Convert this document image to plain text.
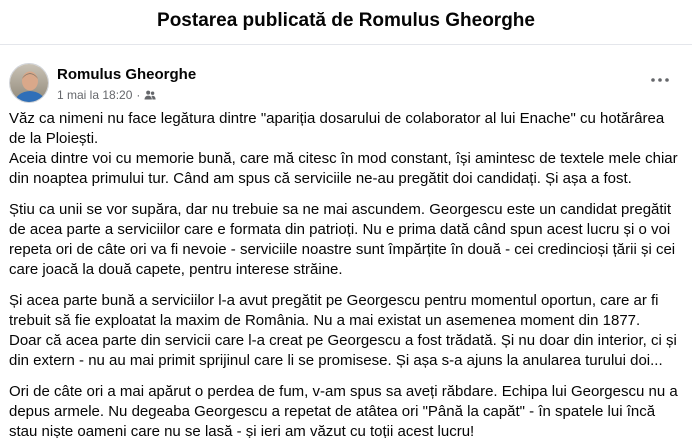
Postarea publicată de Romulus Gheorghe
Romulus Gheorghe
1 mai la 18:20 ·

Văz ca nimeni nu face legătura dintre "apariția dosarului de colaborator al lui Enache" cu hotărârea de la Ploiești.
Aceia dintre voi cu memorie bună, care mă citesc în mod constant, își amintesc de textele mele chiar din noaptea primului tur. Când am spus că serviciile ne-au pregătit doi candidați. Și așa a fost.

Știu ca unii se vor supăra, dar nu trebuie sa ne mai ascundem. Georgescu este un candidat pregătit de acea parte a serviciilor care e formata din patrioți. Nu e prima dată când spun acest lucru și o voi repeta ori de câte ori va fi nevoie - serviciile noastre sunt împărțite în două - cei credincioși țării și cei care joacă la două capete, pentru interese străine.

Și acea parte bună a serviciilor l-a avut pregătit pe Georgescu pentru momentul oportun, care ar fi trebuit să fie exploatat la maxim de România. Nu a mai existat un asemenea moment din 1877.
Doar că acea parte din servicii care l-a creat pe Georgescu a fost trădată. Și nu doar din interior, ci și din extern - nu au mai primit sprijinul care li se promisese. Și așa s-a ajuns la anularea turului doi...

Ori de câte ori a mai apărut o perdea de fum, v-am spus sa aveți răbdare. Echipa lui Georgescu nu a depus armele. Nu degeaba Georgescu a repetat de atâtea ori "Până la capăt" - în spatele lui încă stau niște oameni care nu se lasă - și ieri am văzut cu toții acest lucru!
